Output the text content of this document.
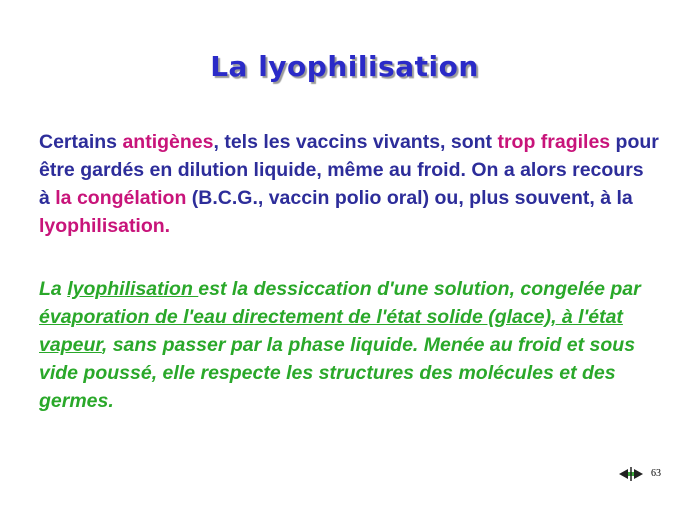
La lyophilisation
Certains antigènes, tels les vaccins vivants, sont trop fragiles pour être gardés en dilution liquide, même au froid. On a alors recours à la congélation (B.C.G., vaccin polio oral) ou, plus souvent, à la lyophilisation.
La lyophilisation est la dessiccation d'une solution, congelée par évaporation de l'eau directement de l'état solide (glace), à l'état vapeur, sans passer par la phase liquide. Menée au froid et sous vide poussé, elle respecte les structures des molécules et des germes.
63
